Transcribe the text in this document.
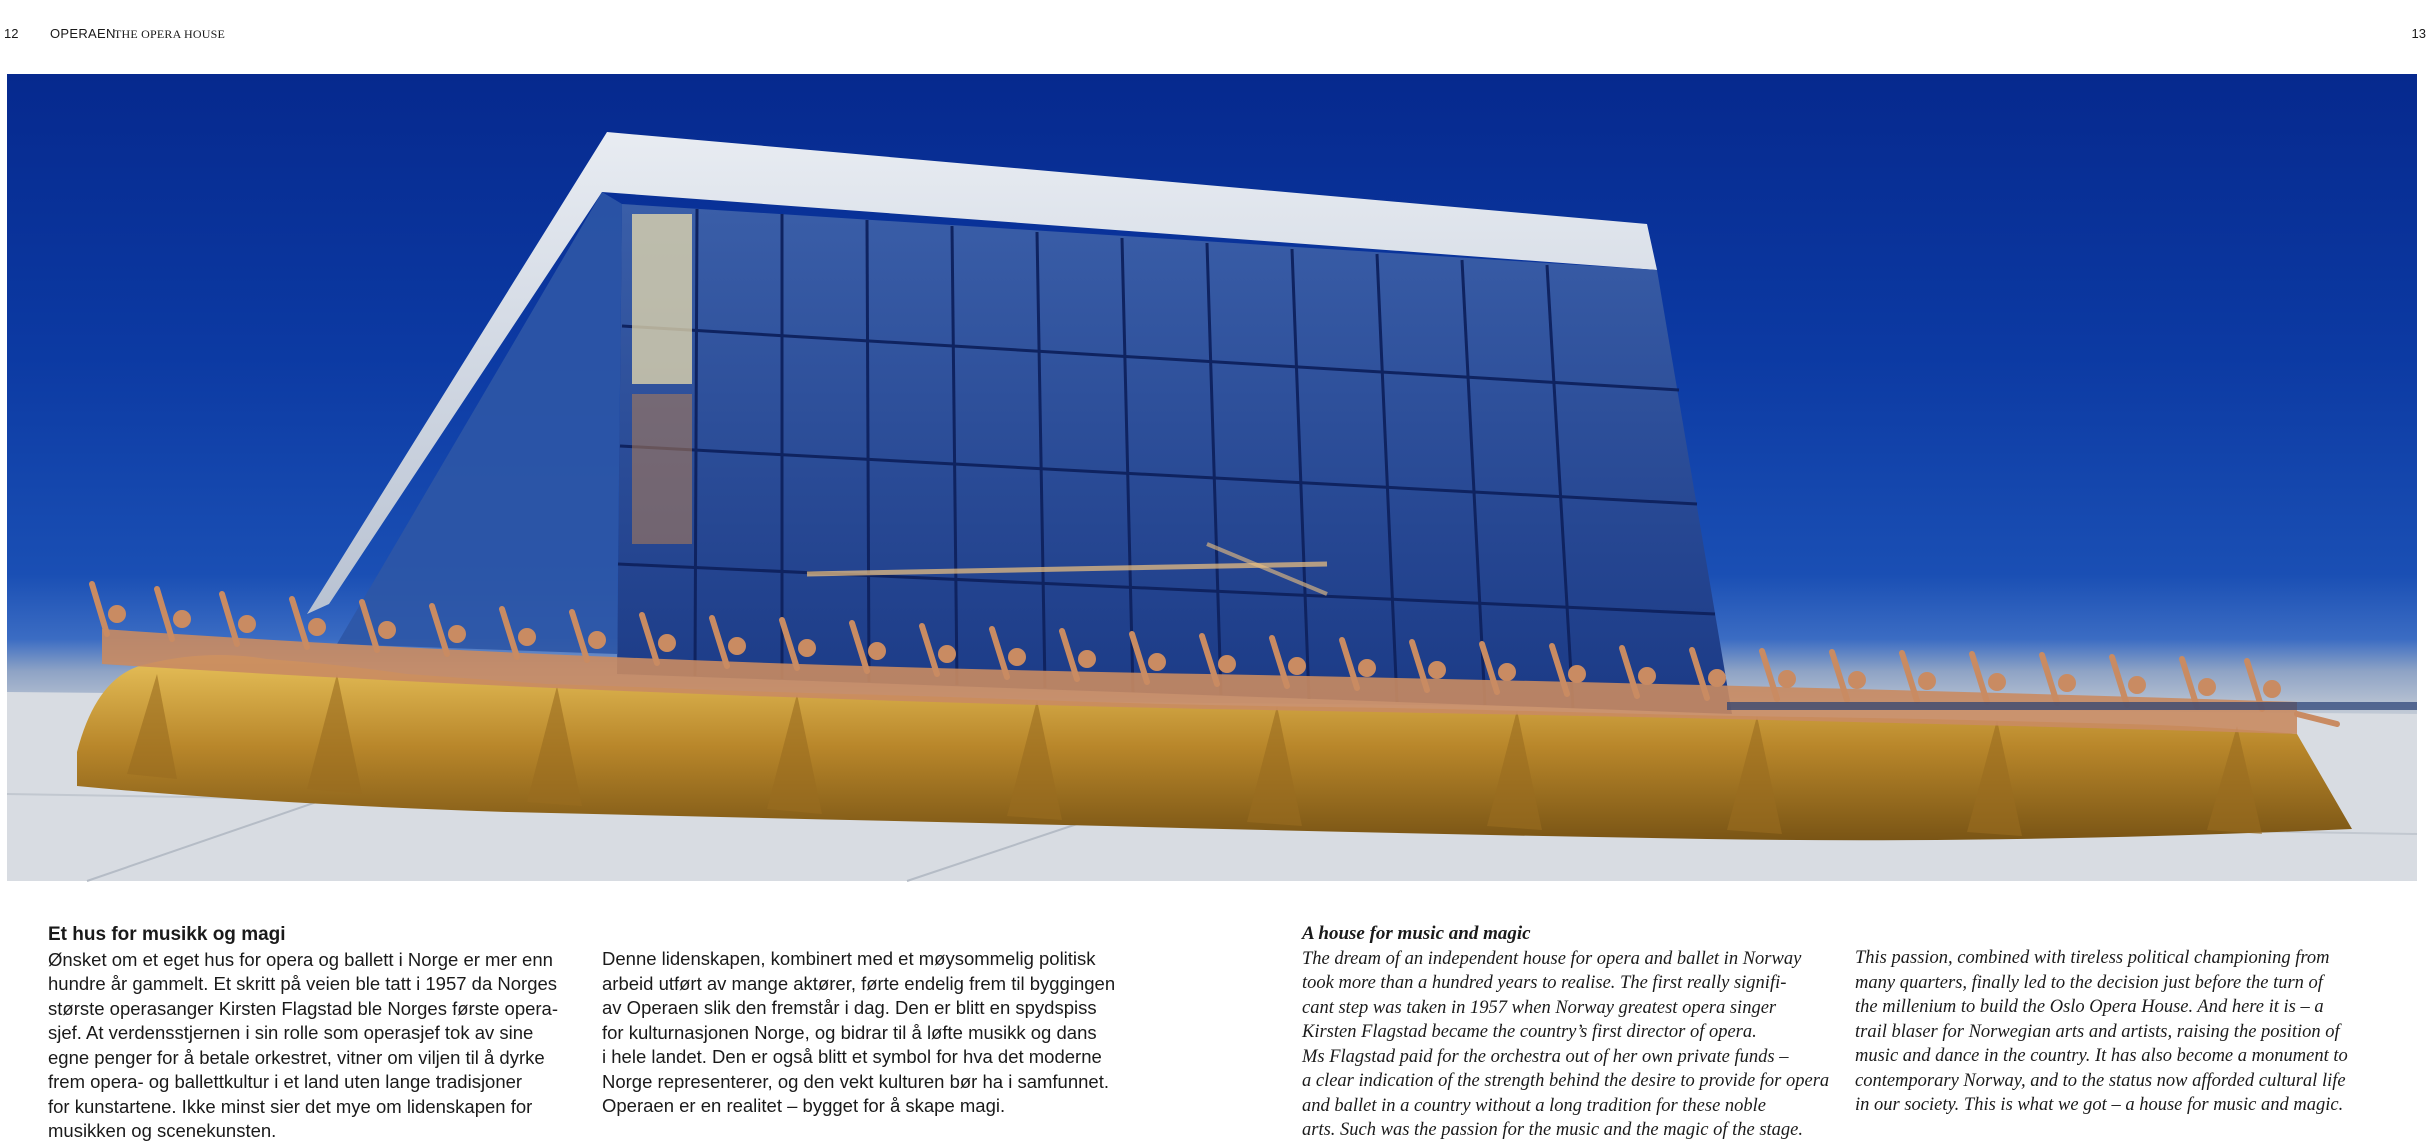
12 OPERAEN
THE OPERA HOUSE	13

Et hus for musikk og magi

Ønsket om et eget hus for opera og ballett i Norge er mer enn
hundre år gammelt. Et skritt på veien ble tatt i 1957 da Norges
største operasanger Kirsten Flagstad ble Norges første opera-
sjef. At verdensstjernen i sin rolle som operasjef tok av sine
egne penger for å betale orkestret, vitner om viljen til å dyrke
frem opera- og ballettkultur i et land uten lange tradisjoner
for kunstartene. Ikke minst sier det mye om lidenskapen for
musikken og scenekunsten.

Denne lidenskapen, kombinert med et møysommelig politisk
arbeid utført av mange aktører, førte endelig frem til byggingen
av Operaen slik den fremstår i dag. Den er blitt en spydspiss
for kulturnasjonen Norge, og bidrar til å løfte musikk og dans
i hele landet. Den er også blitt et symbol for hva det moderne
Norge representerer, og den vekt kulturen bør ha i samfunnet.
Operaen er en realitet – bygget for å skape magi.

A house for music and magic

The dream of an independent house for opera and ballet in Norway
took more than a hundred years to realise. The first really signifi-
cant step was taken in 1957 when Norway greatest opera singer
Kirsten Flagstad became the country’s first director of opera.
Ms Flagstad paid for the orchestra out of her own private funds –
a clear indication of the strength behind the desire to provide for opera
and ballet in a country without a long tradition for these noble
arts. Such was the passion for the music and the magic of the stage.

This passion, combined with tireless political championing from
many quarters, finally led to the decision just before the turn of
the millenium to build the Oslo Opera House. And here it is – a
trail blaser for Norwegian arts and artists, raising the position of
music and dance in the country. It has also become a monument to
contemporary Norway, and to the status now afforded cultural life
in our society. This is what we got – a house for music and magic.
